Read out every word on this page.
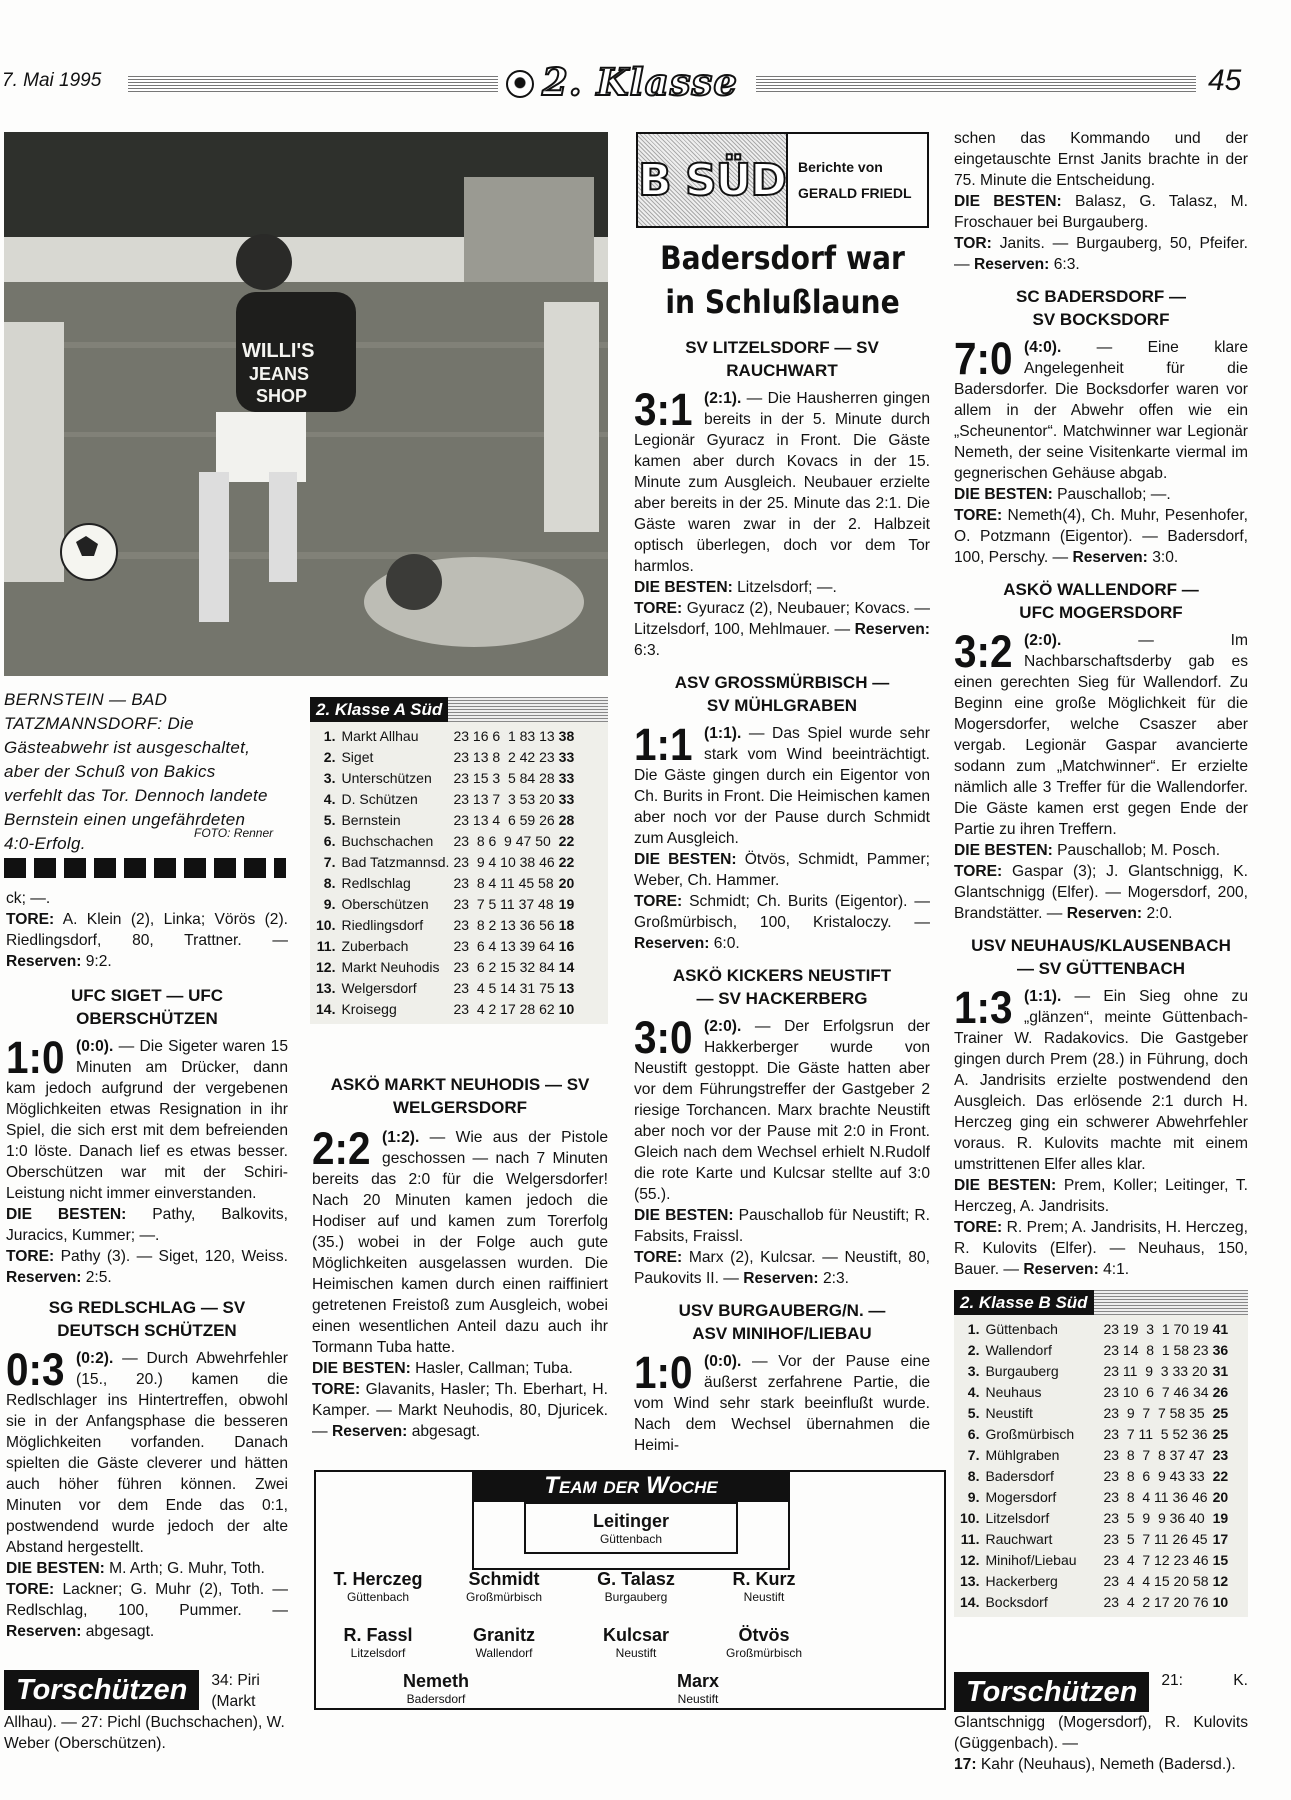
7. Mai 1995	2. Klasse	45
WILLI'S
JEANS
SHOP

BERNSTEIN — BAD TATZMANNSDORF: Die Gästeabwehr ist ausgeschaltet, aber der Schuß von Bakics verfehlt das Tor. Dennoch landete Bernstein einen ungefährdeten 4:0-Erfolg.

FOTO: Renner

ck; —.
TORE: A. Klein (2), Linka; Vörös (2). Riedlingsdorf, 80, Trattner. — Reserven: 9:2.

UFC SIGET — UFC OBERSCHÜTZEN

1:0 (0:0). — Die Sigeter waren 15 Minuten am Drücker, dann kam jedoch aufgrund der vergebenen Möglichkeiten etwas Resignation in ihr Spiel, die sich erst mit dem befreienden 1:0 löste. Danach lief es etwas besser. Oberschützen war mit der Schiri-Leistung nicht immer einverstanden.
DIE BESTEN: Pathy, Balkovits, Juracics, Kummer; —.
TORE: Pathy (3). — Siget, 120, Weiss. Reserven: 2:5.

SG REDLSCHLAG — SV DEUTSCH SCHÜTZEN

0:3 (0:2). — Durch Abwehrfehler (15., 20.) kamen die Redlschlager ins Hintertreffen, obwohl sie in der Anfangsphase die besseren Möglichkeiten vorfanden. Danach spielten die Gäste cleverer und hätten auch höher führen können. Zwei Minuten vor dem Ende das 0:1, postwendend wurde jedoch der alte Abstand hergestellt.
DIE BESTEN: M. Arth; G. Muhr, Toth.
TORE: Lackner; G. Muhr (2), Toth. — Redlschlag, 100, Pummer. — Reserven: abgesagt.

Torschützen	34: Piri (Markt Allhau). — 27: Pichl (Buchschachen), W. Weber (Oberschützen).

2. Klasse A Süd
1.	Markt Allhau	23 16 6  1 83 13	38
2.	Siget	23 13 8  2 42 23	33
3.	Unterschützen	23 15 3  5 84 28	33
4.	D. Schützen	23 13 7  3 53 20	33
5.	Bernstein	23 13 4  6 59 26	28
6.	Buchschachen	23  8 6  9 47 50	22
7.	Bad Tatzmannsd.	23  9 4 10 38 46	22
8.	Redlschlag	23  8 4 11 45 58	20
9.	Oberschützen	23  7 5 11 37 48	19
10.	Riedlingsdorf	23  8 2 13 36 56	18
11.	Zuberbach	23  6 4 13 39 64	16
12.	Markt Neuhodis	23  6 2 15 32 84	14
13.	Welgersdorf	23  4 5 14 31 75	13
14.	Kroisegg	23  4 2 17 28 62	10
ASKÖ MARKT NEUHODIS — SV WELGERSDORF

2:2 (1:2). — Wie aus der Pistole geschossen — nach 7 Minuten bereits das 2:0 für die Welgersdorfer! Nach 20 Minuten kamen jedoch die Hodiser auf und kamen zum Torerfolg (35.) wobei in der Folge auch gute Möglichkeiten ausgelassen wurden. Die Heimischen kamen durch einen raiffiniert getretenen Freistoß zum Ausgleich, wobei einen wesentlichen Anteil dazu auch ihr Tormann Tuba hatte.
DIE BESTEN: Hasler, Callman; Tuba.
TORE: Glavanits, Hasler; Th. Eberhart, H. Kamper. — Markt Neuhodis, 80, Djuricek. — Reserven: abgesagt.

B SÜD Berichte von
GERALD FRIEDL
Badersdorf war in Schlußlaune
SV LITZELSDORF — SV RAUCHWART

3:1 (2:1). — Die Hausherren gingen bereits in der 5. Minute durch Legionär Gyuracz in Front. Die Gäste kamen aber durch Kovacs in der 15. Minute zum Ausgleich. Neubauer erzielte aber bereits in der 25. Minute das 2:1. Die Gäste waren zwar in der 2. Halbzeit optisch überlegen, doch vor dem Tor harmlos.
DIE BESTEN: Litzelsdorf; —.
TORE: Gyuracz (2), Neubauer; Kovacs. — Litzelsdorf, 100, Mehlmauer. — Reserven: 6:3.

ASV GROSSMÜRBISCH — SV MÜHLGRABEN

1:1 (1:1). — Das Spiel wurde sehr stark vom Wind beeinträchtigt. Die Gäste gingen durch ein Eigentor von Ch. Burits in Front. Die Heimischen kamen aber noch vor der Pause durch Schmidt zum Ausgleich.
DIE BESTEN: Ötvös, Schmidt, Pammer; Weber, Ch. Hammer.
TORE: Schmidt; Ch. Burits (Eigentor). — Großmürbisch, 100, Kristaloczy. — Reserven: 6:0.

ASKÖ KICKERS NEUSTIFT — SV HACKERBERG

3:0 (2:0). — Der Erfolgsrun der Hakkerberger wurde von Neustift gestoppt. Die Gäste hatten aber vor dem Führungstreffer der Gastgeber 2 riesige Torchancen. Marx brachte Neustift aber noch vor der Pause mit 2:0 in Front. Gleich nach dem Wechsel erhielt N.Rudolf die rote Karte und Kulcsar stellte auf 3:0 (55.).
DIE BESTEN: Pauschallob für Neustift; R. Fabsits, Fraissl.
TORE: Marx (2), Kulcsar. — Neustift, 80, Paukovits II. — Reserven: 2:3.

USV BURGAUBERG/N. — ASV MINIHOF/LIEBAU

1:0 (0:0). — Vor der Pause eine äußerst zerfahrene Partie, die vom Wind sehr stark beeinflußt wurde. Nach dem Wechsel übernahmen die Heimi-

schen das Kommando und der eingetauschte Ernst Janits brachte in der 75. Minute die Entscheidung.
DIE BESTEN: Balasz, G. Talasz, M. Froschauer bei Burgauberg.
TOR: Janits. — Burgauberg, 50, Pfeifer. — Reserven: 6:3.

SC BADERSDORF — SV BOCKSDORF

7:0 (4:0). — Eine klare Angelegenheit für die Badersdorfer. Die Bocksdorfer waren vor allem in der Abwehr offen wie ein „Scheunentor“. Matchwinner war Legionär Nemeth, der seine Visitenkarte viermal im gegnerischen Gehäuse abgab.
DIE BESTEN: Pauschallob; —.
TORE: Nemeth(4), Ch. Muhr, Pesenhofer, O. Potzmann (Eigentor). — Badersdorf, 100, Perschy. — Reserven: 3:0.

ASKÖ WALLENDORF — UFC MOGERSDORF

3:2 (2:0). — Im Nachbarschaftsderby gab es einen gerechten Sieg für Wallendorf. Zu Beginn eine große Möglichkeit für die Mogersdorfer, welche Csaszer aber vergab. Legionär Gaspar avancierte sodann zum „Matchwinner“. Er erzielte nämlich alle 3 Treffer für die Wallendorfer. Die Gäste kamen erst gegen Ende der Partie zu ihren Treffern.
DIE BESTEN: Pauschallob; M. Posch.
TORE: Gaspar (3); J. Glantschnigg, K. Glantschnigg (Elfer). — Mogersdorf, 200, Brandstätter. — Reserven: 2:0.

USV NEUHAUS/KLAUSENBACH — SV GÜTTENBACH

1:3 (1:1). — Ein Sieg ohne zu „glänzen“, meinte Güttenbach-Trainer W. Radakovics. Die Gastgeber gingen durch Prem (28.) in Führung, doch A. Jandrisits erzielte postwendend den Ausgleich. Das erlösende 2:1 durch H. Herczeg ging ein schwerer Abwehrfehler voraus. R. Kulovits machte mit einem umstrittenen Elfer alles klar.
DIE BESTEN: Prem, Koller; Leitinger, T. Herczeg, A. Jandrisits.
TORE: R. Prem; A. Jandrisits, H. Herczeg, R. Kulovits (Elfer). — Neuhaus, 150, Bauer. — Reserven: 4:1.

2. Klasse B Süd
1.	Güttenbach	23 19  3  1 70 19	41
2.	Wallendorf	23 14  8  1 58 23	36
3.	Burgauberg	23 11  9  3 33 20	31
4.	Neuhaus	23 10  6  7 46 34	26
5.	Neustift	23  9  7  7 58 35	25
6.	Großmürbisch	23  7 11  5 52 36	25
7.	Mühlgraben	23  8  7  8 37 47	23
8.	Badersdorf	23  8  6  9 43 33	22
9.	Mogersdorf	23  8  4 11 36 46	20
10.	Litzelsdorf	23  5  9  9 36 40	19
11.	Rauchwart	23  5  7 11 26 45	17
12.	Minihof/Liebau	23  4  7 12 23 46	15
13.	Hackerberg	23  4  4 15 20 58	12
14.	Bocksdorf	23  4  2 17 20 76	10
Torschützen	21: K. Glantschnigg (Mogersdorf), R. Kulovits (Güggenbach). —
17: Kahr (Neuhaus), Nemeth (Badersd.).

Team der Woche
Leitinger
Güttenbach
T. Herczeg
Güttenbach
Schmidt
Großmürbisch
G. Talasz
Burgauberg
R. Kurz
Neustift
R. Fassl
Litzelsdorf
Granitz
Wallendorf
Kulcsar
Neustift
Ötvös
Großmürbisch
Nemeth
Badersdorf
Marx
Neustift
